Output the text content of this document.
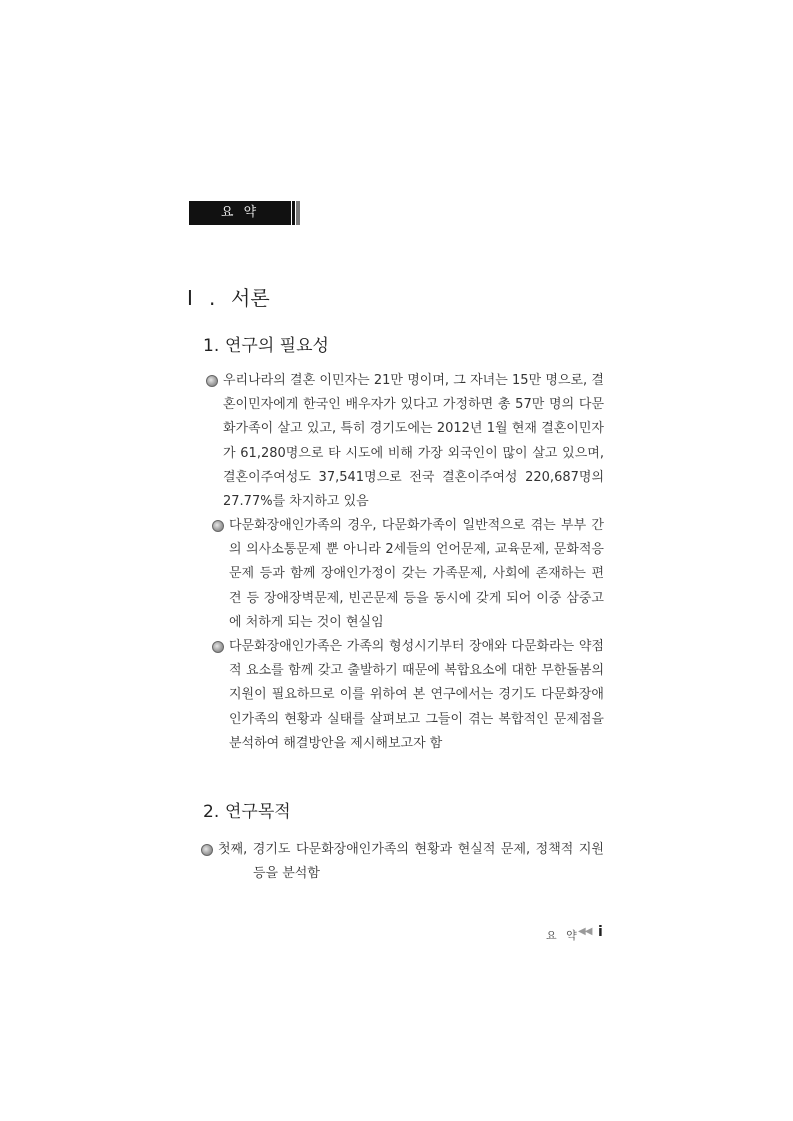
요 약
Ⅰ . 서론
1. 연구의 필요성
우리나라의 결혼 이민자는 21만 명이며, 그 자녀는 15만 명으로, 결혼이민자에게 한국인 배우자가 있다고 가정하면 총 57만 명의 다문화가족이 살고 있고, 특히 경기도에는 2012년 1월 현재 결혼이민자가 61,280명으로 타 시도에 비해 가장 외국인이 많이 살고 있으며, 결혼이주여성도 37,541명으로 전국 결혼이주여성 220,687명의 27.77%를 차지하고 있음
다문화장애인가족의 경우, 다문화가족이 일반적으로 겪는 부부 간의 의사소통문제 뿐 아니라 2세들의 언어문제, 교육문제, 문화적응문제 등과 함께 장애인가정이 갖는 가족문제, 사회에 존재하는 편견 등 장애장벽문제, 빈곤문제 등을 동시에 갖게 되어 이중 삼중고에 처하게 되는 것이 현실임
다문화장애인가족은 가족의 형성시기부터 장애와 다문화라는 약점적 요소를 함께 갖고 출발하기 때문에 복합요소에 대한 무한돌봄의 지원이 필요하므로 이를 위하여 본 연구에서는 경기도 다문화장애인가족의 현황과 실태를 살펴보고 그들이 겪는 복합적인 문제점을 분석하여 해결방안을 제시해보고자 함
2. 연구목적
첫째, 경기도 다문화장애인가족의 현황과 현실적 문제, 정책적 지원 등을 분석함
요 약
◀◀ i
